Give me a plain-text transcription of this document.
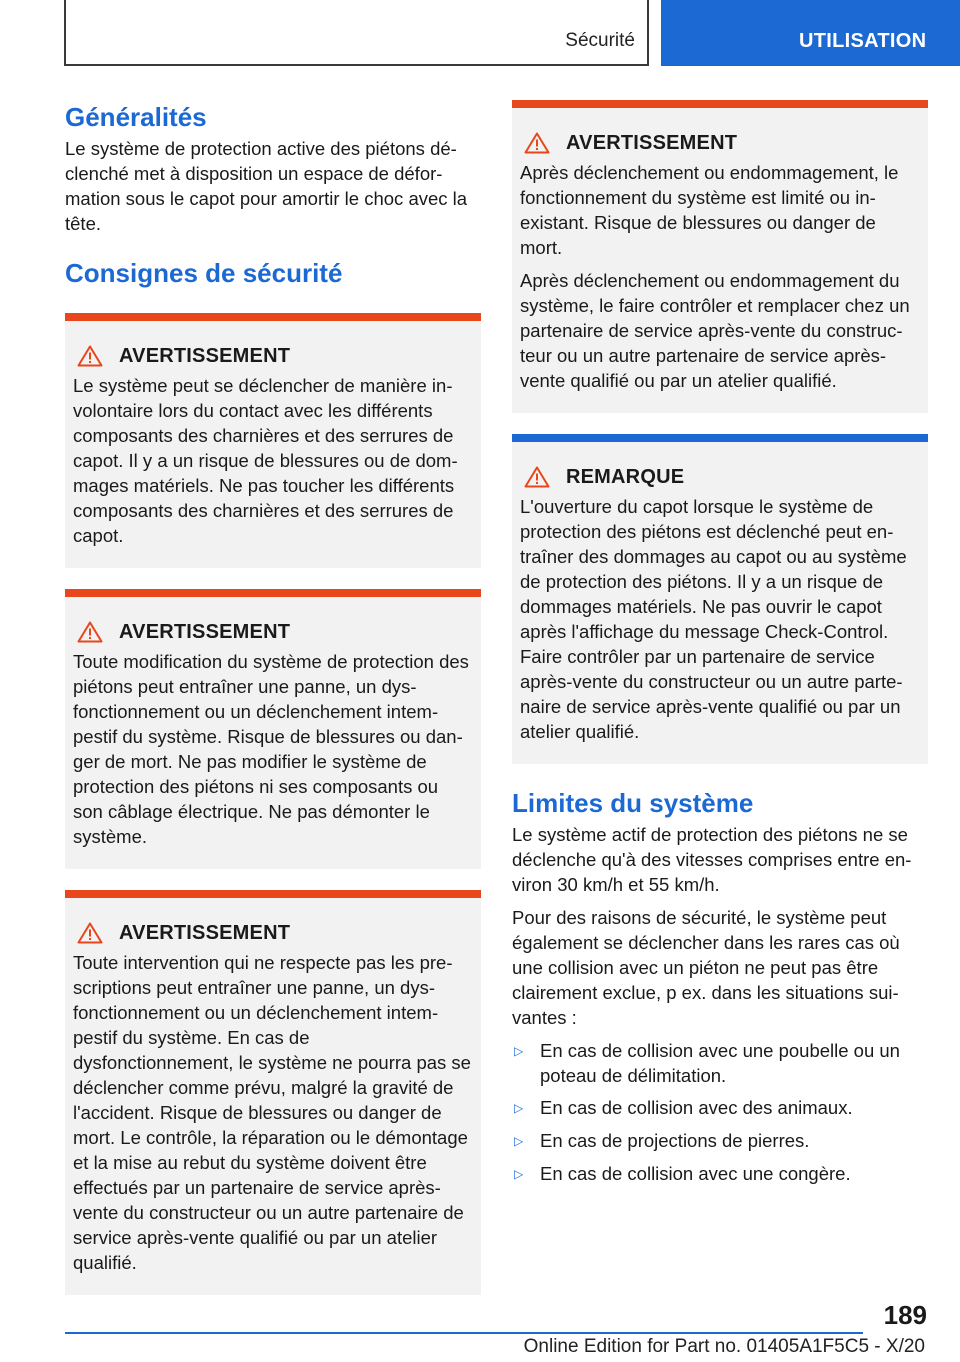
Sécurité	UTILISATION
Généralités

Le système de protection active des piétons déclenché met à disposition un espace de déformation sous le capot pour amortir le choc avec la tête.

Consignes de sécurité
AVERTISSEMENT

Le système peut se déclencher de manière involontaire lors du contact avec les différents composants des charnières et des serrures de capot. Il y a un risque de blessures ou de dommages matériels. Ne pas toucher les différents composants des charnières et des serrures de capot.

AVERTISSEMENT

Toute modification du système de protection des piétons peut entraîner une panne, un dysfonctionnement ou un déclenchement intempestif du système. Risque de blessures ou danger de mort. Ne pas modifier le système de protection des piétons ni ses composants ou son câblage électrique. Ne pas démonter le système.

AVERTISSEMENT

Toute intervention qui ne respecte pas les prescriptions peut entraîner une panne, un dysfonctionnement ou un déclenchement intempestif du système. En cas de dysfonctionnement, le système ne pourra pas se déclencher comme prévu, malgré la gravité de l'accident. Risque de blessures ou danger de mort. Le contrôle, la réparation ou le démontage et la mise au rebut du système doivent être effectués par un partenaire de service après-vente du constructeur ou un autre partenaire de service après-vente qualifié ou par un atelier qualifié.

AVERTISSEMENT

Après déclenchement ou endommagement, le fonctionnement du système est limité ou inexistant. Risque de blessures ou danger de mort.

Après déclenchement ou endommagement du système, le faire contrôler et remplacer chez un partenaire de service après-vente du constructeur ou un autre partenaire de service après-vente qualifié ou par un atelier qualifié.

REMARQUE

L'ouverture du capot lorsque le système de protection des piétons est déclenché peut entraîner des dommages au capot ou au système de protection des piétons. Il y a un risque de dommages matériels. Ne pas ouvrir le capot après l'affichage du message Check-Control. Faire contrôler par un partenaire de service après-vente du constructeur ou un autre partenaire de service après-vente qualifié ou par un atelier qualifié.

Limites du système

Le système actif de protection des piétons ne se déclenche qu'à des vitesses comprises entre environ 30 km/h et 55 km/h.

Pour des raisons de sécurité, le système peut également se déclencher dans les rares cas où une collision avec un piéton ne peut pas être clairement exclue, p ex. dans les situations suivantes :

▷ En cas de collision avec une poubelle ou un poteau de délimitation.
▷ En cas de collision avec des animaux.
▷ En cas de projections de pierres.
▷ En cas de collision avec une congère.
189
Online Edition for Part no. 01405A1F5C5 - X/20
